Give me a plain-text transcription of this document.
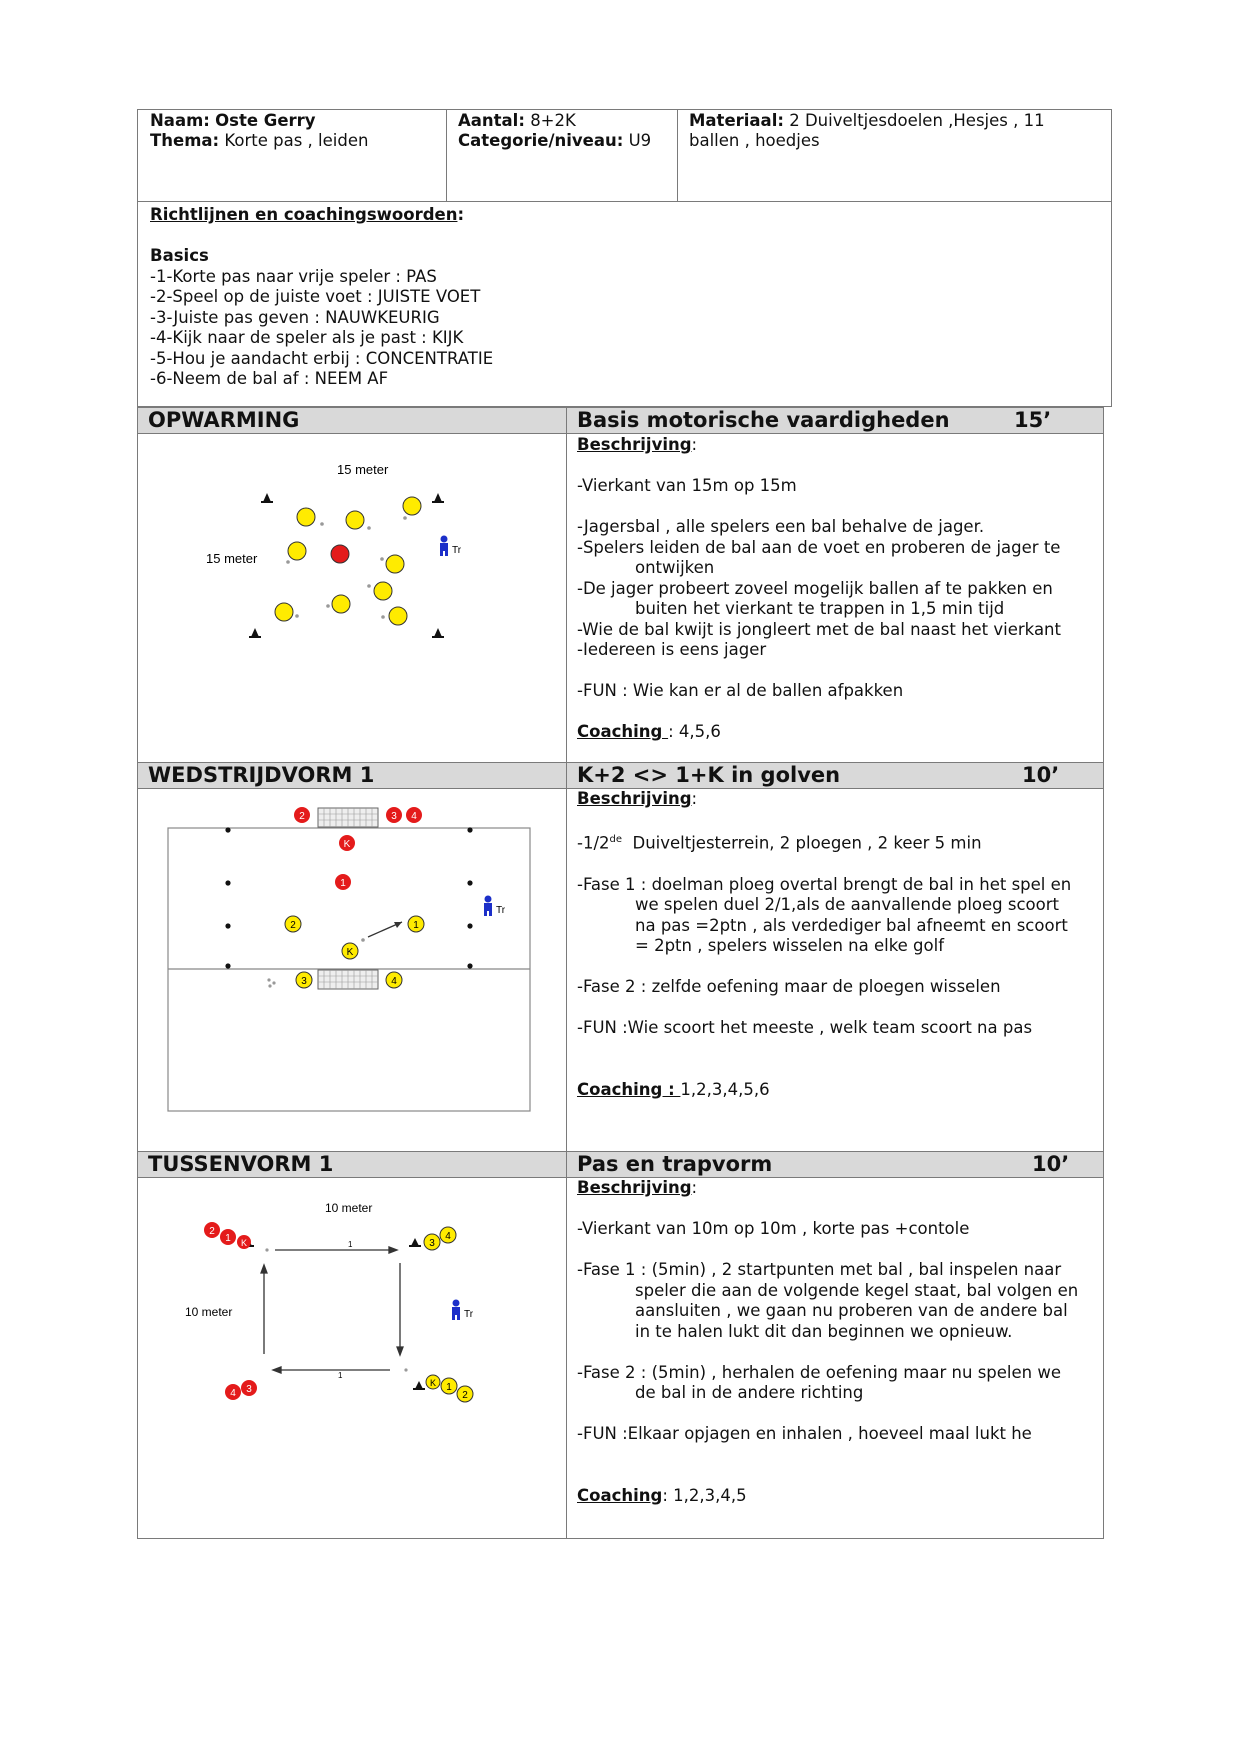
Naam: Oste Gerry
Thema: Korte pas , leiden
Aantal: 8+2K
Categorie/niveau: U9
Materiaal: 2 Duiveltjesdoelen ,Hesjes , 11
ballen , hoedjes
Richtlijnen en coachingswoorden:
Basics
-1-Korte pas naar vrije speler : PAS
-2-Speel op de juiste voet : JUISTE VOET
-3-Juiste pas geven : NAUWKEURIG
-4-Kijk naar de speler als je past : KIJK
-5-Hou je aandacht erbij : CONCENTRATIE
-6-Neem de bal af : NEEM AF
OPWARMING	Basis motorische vaardigheden	15’
15 meter
15 meter
Tr

Beschrijving:

-Vierkant van 15m op 15m

-Jagersbal , alle spelers een bal behalve de jager.

-Spelers leiden de bal aan de voet en proberen de jager te

ontwijken

-De jager probeert zoveel mogelijk ballen af te pakken en

buiten het vierkant te trappen in 1,5 min tijd

-Wie de bal kwijt is jongleert met de bal naast het vierkant

-Iedereen is eens jager

-FUN : Wie kan er al de ballen afpakken

Coaching : 4,5,6

WEDSTRIJDVORM 1	K+2 <> 1+K in golven	10’
2	3 4
K
1
2	1
K
3	4
Tr

Beschrijving:

-1/2de  Duiveltjesterrein, 2 ploegen , 2 keer 5 min

-Fase 1 : doelman ploeg overtal brengt de bal in het spel en

we spelen duel 2/1,als de aanvallende ploeg scoort

na pas =2ptn , als verdediger bal afneemt en scoort

= 2ptn , spelers wisselen na elke golf

-Fase 2 : zelfde oefening maar de ploegen wisselen

-FUN :Wie scoort het meeste , welk team scoort na pas

Coaching : 1,2,3,4,5,6

TUSSENVORM 1	Pas en trapvorm	10’
10 meter
10 meter
1
1
2
1 K	3
4
4 3
K 1
2
Tr

Beschrijving:

-Vierkant van 10m op 10m , korte pas +contole

-Fase 1 : (5min) , 2 startpunten met bal , bal inspelen naar

speler die aan de volgende kegel staat, bal volgen en

aansluiten , we gaan nu proberen van de andere bal

in te halen lukt dit dan beginnen we opnieuw.

-Fase 2 : (5min) , herhalen de oefening maar nu spelen we

de bal in de andere richting

-FUN :Elkaar opjagen en inhalen , hoeveel maal lukt he

Coaching: 1,2,3,4,5
